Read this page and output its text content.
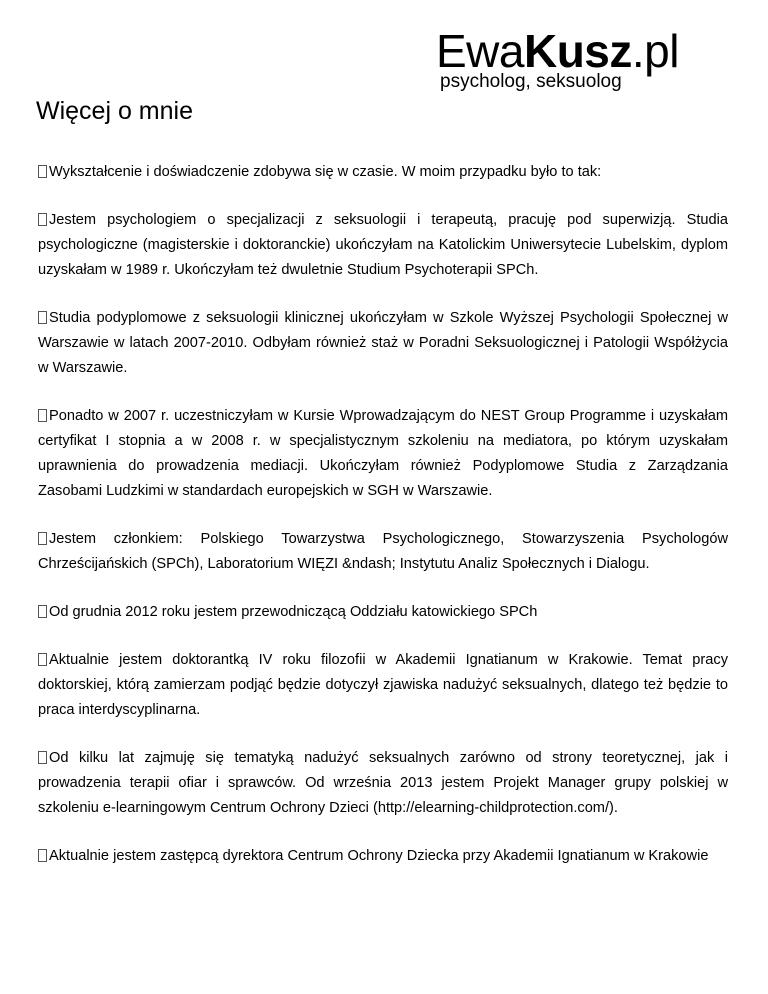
EwaKusz.pl
psycholog, seksuolog
Więcej o mnie

Wykształcenie i doświadczenie zdobywa się w czasie. W moim przypadku było to tak:

Jestem psychologiem o specjalizacji z seksuologii i terapeutą, pracuję pod superwizją. Studia psychologiczne (magisterskie i doktoranckie) ukończyłam na Katolickim Uniwersytecie Lubelskim, dyplom uzyskałam w 1989 r. Ukończyłam też dwuletnie Studium Psychoterapii SPCh.

Studia podyplomowe z seksuologii klinicznej ukończyłam w Szkole Wyższej Psychologii Społecznej w Warszawie w latach 2007-2010. Odbyłam również staż w Poradni Seksuologicznej i Patologii Współżycia w Warszawie.

Ponadto w 2007 r. uczestniczyłam w Kursie Wprowadzającym do NEST Group Programme i uzyskałam certyfikat I stopnia a w 2008 r. w specjalistycznym szkoleniu na mediatora, po którym uzyskałam uprawnienia do prowadzenia mediacji. Ukończyłam również Podyplomowe Studia z Zarządzania Zasobami Ludzkimi w standardach europejskich w SGH w Warszawie.

Jestem członkiem: Polskiego Towarzystwa Psychologicznego, Stowarzyszenia Psychologów Chrześcijańskich (SPCh), Laboratorium WIĘZI &ndash; Instytutu Analiz Społecznych i Dialogu.

Od grudnia 2012 roku jestem przewodniczącą Oddziału katowickiego SPCh

Aktualnie jestem doktorantką IV roku filozofii w Akademii Ignatianum w Krakowie. Temat pracy doktorskiej, którą zamierzam podjąć będzie dotyczył zjawiska nadużyć seksualnych, dlatego też będzie to praca interdyscyplinarna.

Od kilku lat zajmuję się tematyką nadużyć seksualnych zarówno od strony teoretycznej, jak i prowadzenia terapii ofiar i sprawców. Od września 2013 jestem Projekt Manager grupy polskiej w szkoleniu e-learningowym Centrum Ochrony Dzieci (http://elearning-childprotection.com/).

Aktualnie jestem zastępcą dyrektora Centrum Ochrony Dziecka przy Akademii Ignatianum w Krakowie
